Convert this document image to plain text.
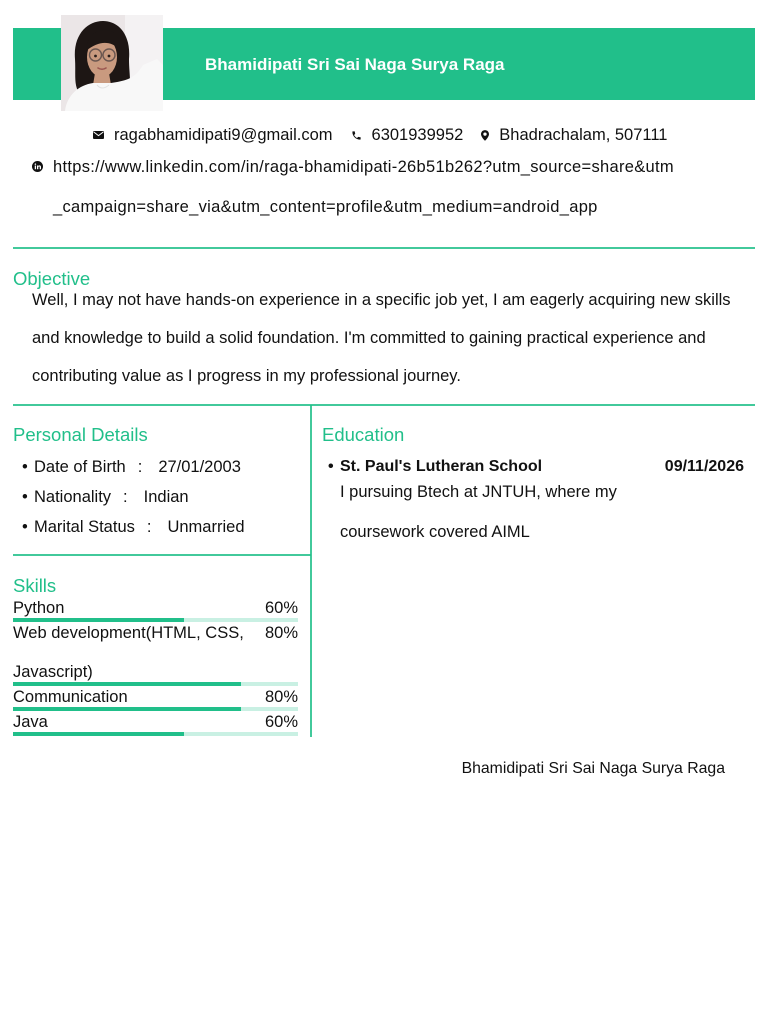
Bhamidipati Sri Sai Naga Surya Raga
ragabhamidipati9@gmail.com 6301939952 Bhadrachalam, 507111
https://www.linkedin.com/in/raga-bhamidipati-26b51b262?utm_source=share&utm
_campaign=share_via&utm_content=profile&utm_medium=android_app
Objective
Well, I may not have hands-on experience in a specific job yet, I am eagerly acquiring new skills and knowledge to build a solid foundation. I'm committed to gaining practical experience and contributing value as I progress in my professional journey.
Personal Details
• Date of Birth : 27/01/2003
• Nationality : Indian
• Marital Status : Unmarried
Skills
Python	60%
Web development(HTML, CSS, Javascript)
80%
Communication	80%
Java	60%
Education
• St. Paul's Lutheran School	09/11/2026
I pursuing Btech at JNTUH, where my coursework covered AIML
Bhamidipati Sri Sai Naga Surya Raga
